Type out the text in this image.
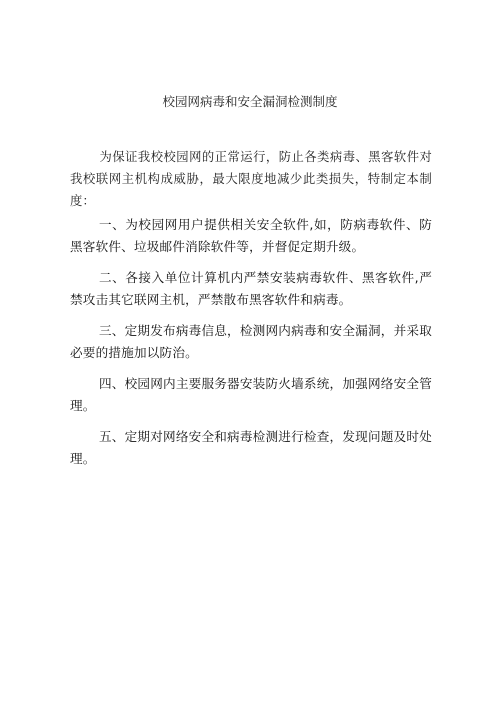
校园网病毒和安全漏洞检测制度

为保证我校校园网的正常运行，防止各类病毒、黑客软件对我校联网主机构成威胁，最大限度地减少此类损失，特制定本制度：

一、为校园网用户提供相关安全软件,如，防病毒软件、防黑客软件、垃圾邮件消除软件等，并督促定期升级。

二、各接入单位计算机内严禁安装病毒软件、黑客软件,严禁攻击其它联网主机，严禁散布黑客软件和病毒。

三、定期发布病毒信息，检测网内病毒和安全漏洞，并采取必要的措施加以防治。

四、校园网内主要服务器安装防火墙系统，加强网络安全管理。

五、定期对网络安全和病毒检测进行检查，发现问题及时处理。
